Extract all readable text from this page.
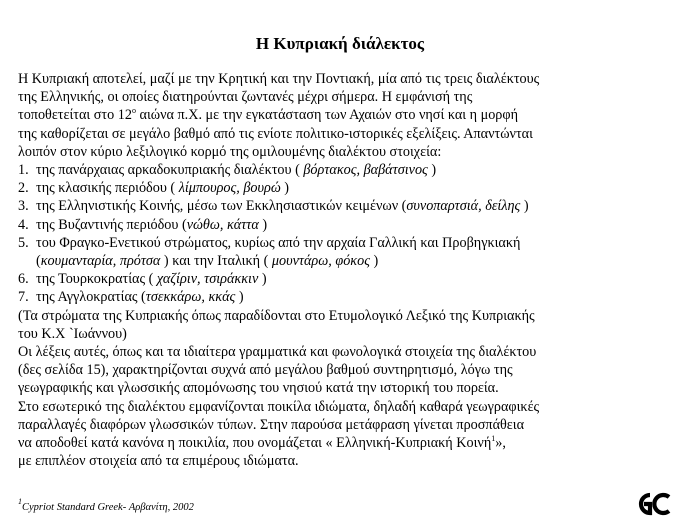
Η Κυπριακή διάλεκτος
Η Κυπριακή αποτελεί, μαζί με την Κρητική και την Ποντιακή, μία από τις τρεις διαλέκτους
της Ελληνικής, οι οποίες διατηρούνται ζωντανές μέχρι σήμερα. Η εμφάνισή της
τοποθετείται στο $12^o$ αιώνα π.Χ. με την εγκατάσταση των Αχαιών στο νησί και η μορφή
της καθορίζεται σε μεγάλο βαθμό από τις ενίοτε πολιτικο-ιστορικές εξελίξεις. Απαντώνται
λοιπόν στον κύριο λεξιλογικό κορμό της ομιλουμένης διαλέκτου στοιχεία:
1. της πανάρχαιας αρκαδοκυπριακής διαλέκτου ( βόρτακος, βαβάτσινος )
2. της κλασικής περιόδου ( λίμπουρος, βουρώ )
3. της Ελληνιστικής Κοινής, μέσω των Εκκλησιαστικών κειμένων (συνοπαρτσιά, δείλης )
4. της Βυζαντινής περιόδου (νώθω, κάττα )
5. του Φραγκο-Ενετικού στρώματος, κυρίως από την αρχαία Γαλλική και Προβηγκιακή
(κουμανταρία, πρότσα ) και την Ιταλική ( μουντάρω, φόκος )
6. της Τουρκοκρατίας ( χαζίριν, τσιράκκιν )
7. της Αγγλοκρατίας (τσεκκάρω, κκάς )
(Τα στρώματα της Κυπριακής όπως παραδίδονται στο Ετυμολογικό Λεξικό της Κυπριακής
του Κ.Χ `Ιωάννου)
Οι λέξεις αυτές, όπως και τα ιδιαίτερα γραμματικά και φωνολογικά στοιχεία της διαλέκτου
(δες σελίδα 15), χαρακτηρίζονται συχνά από μεγάλου βαθμού συντηρητισμό, λόγω της
γεωγραφικής και γλωσσικής απομόνωσης του νησιού κατά την ιστορική του πορεία.
Στο εσωτερικό της διαλέκτου εμφανίζονται ποικίλα ιδιώματα, δηλαδή καθαρά γεωγραφικές
παραλλαγές διαφόρων γλωσσικών τύπων. Στην παρούσα μετάφραση γίνεται προσπάθεια
να αποδοθεί κατά κανόνα η ποικιλία, που ονομάζεται « Ελληνική-Κυπριακή Κοινή$^1$»,
με επιπλέον στοιχεία από τα επιμέρους ιδιώματα.
$^1$Cypriot Standard Greek- Αρβανίτη, 2002
